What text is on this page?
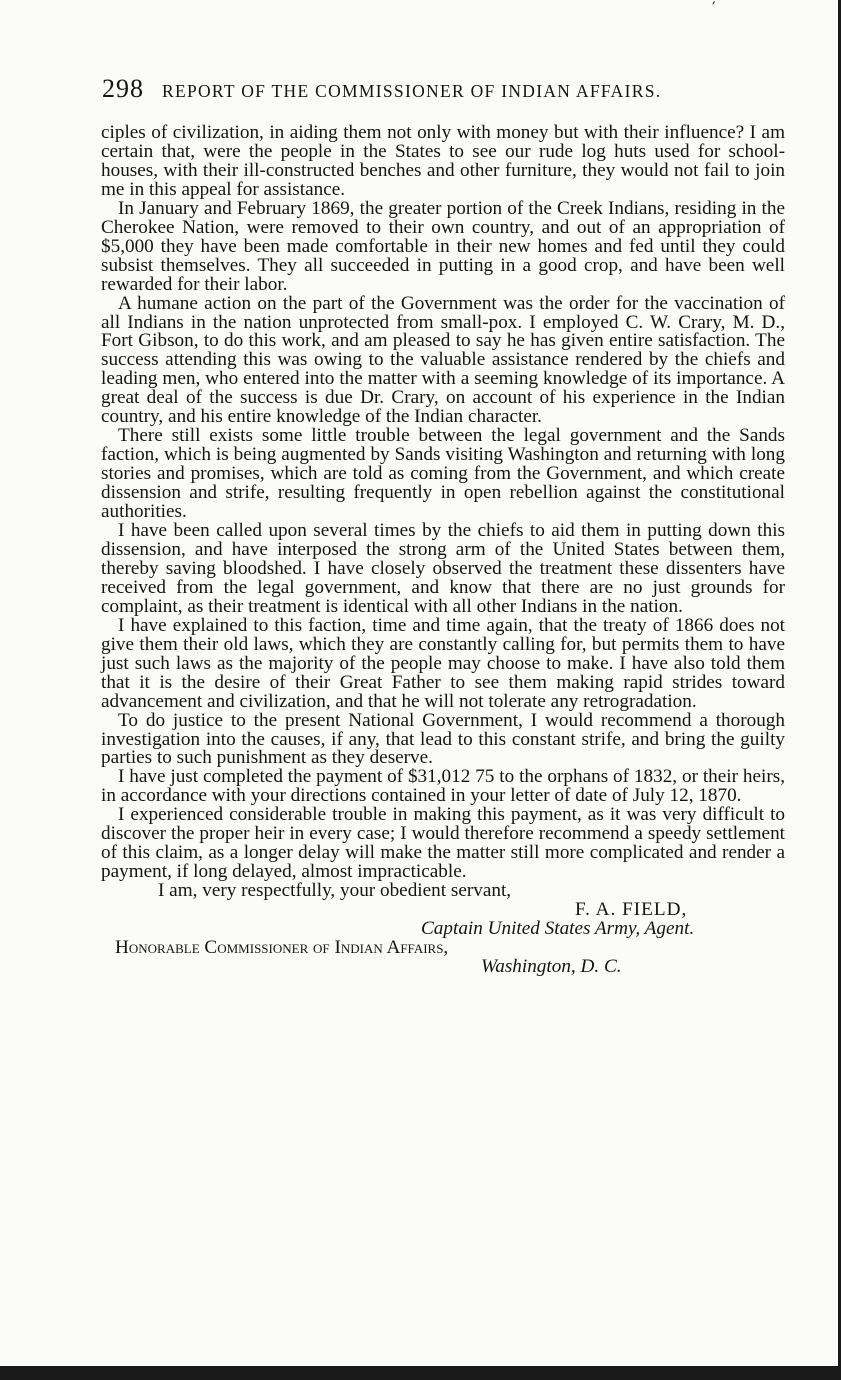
′
298 REPORT OF THE COMMISSIONER OF INDIAN AFFAIRS.

ciples of civilization, in aiding them not only with money but with their influence? I am certain that, were the people in the States to see our rude log huts used for school-houses, with their ill-constructed benches and other furniture, they would not fail to join me in this appeal for assistance.

In January and February 1869, the greater portion of the Creek Indians, residing in the Cherokee Nation, were removed to their own country, and out of an appropriation of $5,000 they have been made comfortable in their new homes and fed until they could subsist themselves. They all succeeded in putting in a good crop, and have been well rewarded for their labor.

A humane action on the part of the Government was the order for the vaccination of all Indians in the nation unprotected from small-pox. I employed C. W. Crary, M. D., Fort Gibson, to do this work, and am pleased to say he has given entire satisfaction. The success attending this was owing to the valuable assistance rendered by the chiefs and leading men, who entered into the matter with a seeming knowledge of its importance. A great deal of the success is due Dr. Crary, on account of his experience in the Indian country, and his entire knowledge of the Indian character.

There still exists some little trouble between the legal government and the Sands faction, which is being augmented by Sands visiting Washington and returning with long stories and promises, which are told as coming from the Government, and which create dissension and strife, resulting frequently in open rebellion against the constitutional authorities.

I have been called upon several times by the chiefs to aid them in putting down this dissension, and have interposed the strong arm of the United States between them, thereby saving bloodshed. I have closely observed the treatment these dissenters have received from the legal government, and know that there are no just grounds for complaint, as their treatment is identical with all other Indians in the nation.

I have explained to this faction, time and time again, that the treaty of 1866 does not give them their old laws, which they are constantly calling for, but permits them to have just such laws as the majority of the people may choose to make. I have also told them that it is the desire of their Great Father to see them making rapid strides toward advancement and civilization, and that he will not tolerate any retrogradation.

To do justice to the present National Government, I would recommend a thorough investigation into the causes, if any, that lead to this constant strife, and bring the guilty parties to such punishment as they deserve.

I have just completed the payment of $31,012 75 to the orphans of 1832, or their heirs, in accordance with your directions contained in your letter of date of July 12, 1870.

I experienced considerable trouble in making this payment, as it was very difficult to discover the proper heir in every case; I would therefore recommend a speedy settlement of this claim, as a longer delay will make the matter still more complicated and render a payment, if long delayed, almost impracticable.

I am, very respectfully, your obedient servant,
F. A. FIELD,
Captain United States Army, Agent.
Honorable Commissioner of Indian Affairs,
Washington, D. C.
